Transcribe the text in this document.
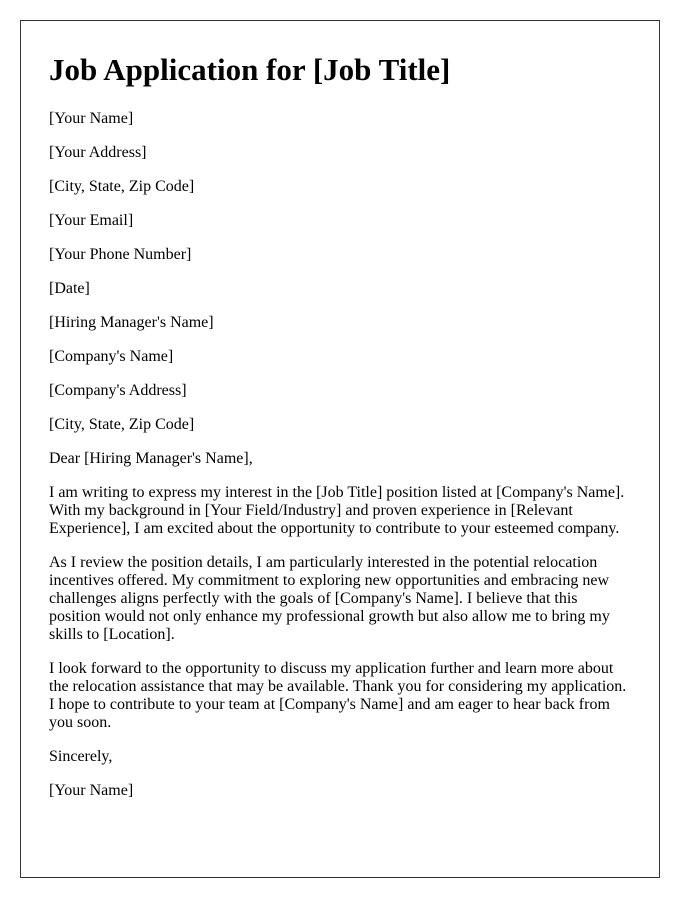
Job Application for [Job Title]

[Your Name]

[Your Address]

[City, State, Zip Code]

[Your Email]

[Your Phone Number]

[Date]

[Hiring Manager's Name]

[Company's Name]

[Company's Address]

[City, State, Zip Code]

Dear [Hiring Manager's Name],

I am writing to express my interest in the [Job Title] position listed at [Company's Name]. With my background in [Your Field/Industry] and proven experience in [Relevant Experience], I am excited about the opportunity to contribute to your esteemed company.

As I review the position details, I am particularly interested in the potential relocation incentives offered. My commitment to exploring new opportunities and embracing new challenges aligns perfectly with the goals of [Company's Name]. I believe that this position would not only enhance my professional growth but also allow me to bring my skills to [Location].

I look forward to the opportunity to discuss my application further and learn more about the relocation assistance that may be available. Thank you for considering my application. I hope to contribute to your team at [Company's Name] and am eager to hear back from you soon.

Sincerely,

[Your Name]
